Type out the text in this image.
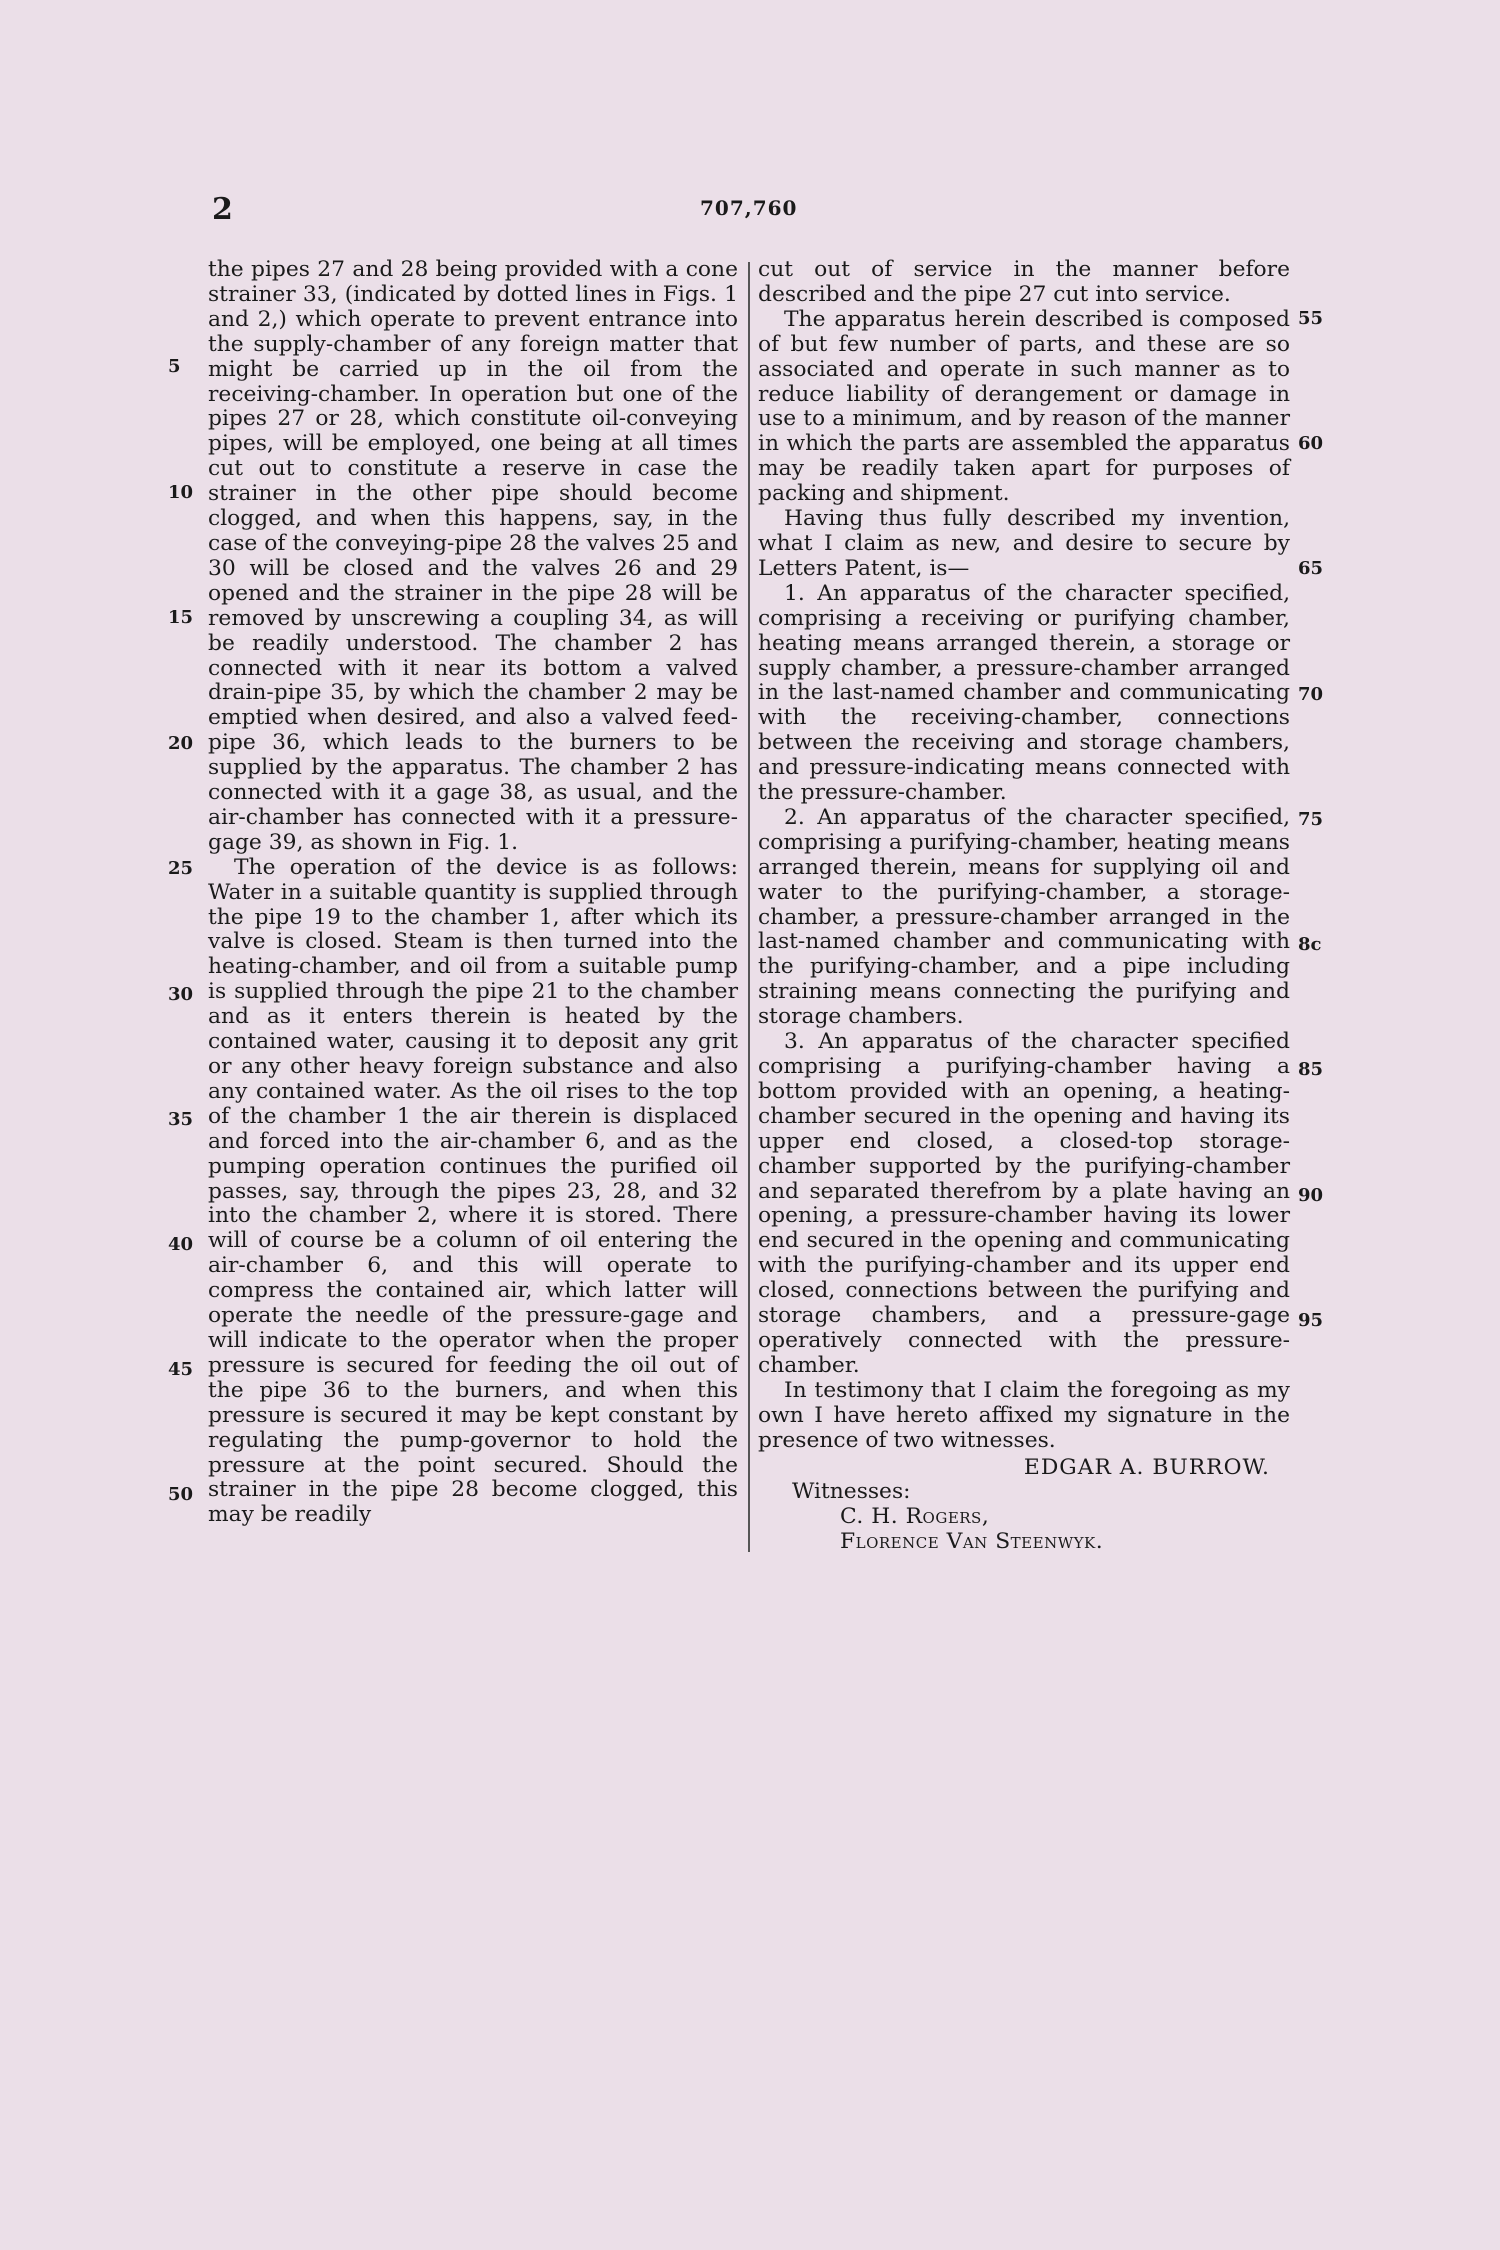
2	707,760
5
10
15
20
25
30
35
40
45
50

the pipes 27 and 28 being provided with a cone strainer 33, (indicated by dotted lines in Figs. 1 and 2,) which operate to prevent entrance into the supply-chamber of any foreign matter that might be carried up in the oil from the receiving-chamber. In operation but one of the pipes 27 or 28, which constitute oil-conveying pipes, will be employed, one being at all times cut out to constitute a reserve in case the strainer in the other pipe should become clogged, and when this happens, say, in the case of the conveying-pipe 28 the valves 25 and 30 will be closed and the valves 26 and 29 opened and the strainer in the pipe 28 will be removed by unscrewing a coupling 34, as will be readily understood. The chamber 2 has connected with it near its bottom a valved drain-pipe 35, by which the chamber 2 may be emptied when desired, and also a valved feed-pipe 36, which leads to the burners to be supplied by the apparatus. The chamber 2 has connected with it a gage 38, as usual, and the air-chamber has connected with it a pressure-gage 39, as shown in Fig. 1.

The operation of the device is as follows: Water in a suitable quantity is supplied through the pipe 19 to the chamber 1, after which its valve is closed. Steam is then turned into the heating-chamber, and oil from a suitable pump is supplied through the pipe 21 to the chamber and as it enters therein is heated by the contained water, causing it to deposit any grit or any other heavy foreign substance and also any contained water. As the oil rises to the top of the chamber 1 the air therein is displaced and forced into the air-chamber 6, and as the pumping operation continues the purified oil passes, say, through the pipes 23, 28, and 32 into the chamber 2, where it is stored. There will of course be a column of oil entering the air-chamber 6, and this will operate to compress the contained air, which latter will operate the needle of the pressure-gage and will indicate to the operator when the proper pressure is secured for feeding the oil out of the pipe 36 to the burners, and when this pressure is secured it may be kept constant by regulating the pump-governor to hold the pressure at the point secured. Should the strainer in the pipe 28 become clogged, this may be readily

cut out of service in the manner before described and the pipe 27 cut into service.

The apparatus herein described is composed of but few number of parts, and these are so associated and operate in such manner as to reduce liability of derangement or damage in use to a minimum, and by reason of the manner in which the parts are assembled the apparatus may be readily taken apart for purposes of packing and shipment.

Having thus fully described my invention, what I claim as new, and desire to secure by Letters Patent, is—

1. An apparatus of the character specified, comprising a receiving or purifying chamber, heating means arranged therein, a storage or supply chamber, a pressure-chamber arranged in the last-named chamber and communicating with the receiving-chamber, connections between the receiving and storage chambers, and pressure-indicating means connected with the pressure-chamber.

2. An apparatus of the character specified, comprising a purifying-chamber, heating means arranged therein, means for supplying oil and water to the purifying-chamber, a storage-chamber, a pressure-chamber arranged in the last-named chamber and communicating with the purifying-chamber, and a pipe including straining means connecting the purifying and storage chambers.

3. An apparatus of the character specified comprising a purifying-chamber having a bottom provided with an opening, a heating-chamber secured in the opening and having its upper end closed, a closed-top storage-chamber supported by the purifying-chamber and separated therefrom by a plate having an opening, a pressure-chamber having its lower end secured in the opening and communicating with the purifying-chamber and its upper end closed, connections between the purifying and storage chambers, and a pressure-gage operatively connected with the pressure-chamber.

In testimony that I claim the foregoing as my own I have hereto affixed my signature in the presence of two witnesses.

EDGAR A. BURROW.
Witnesses:
C. H. Rogers,
Florence Van Steenwyk.
55
60
65
70
75
8c
85
90
95
